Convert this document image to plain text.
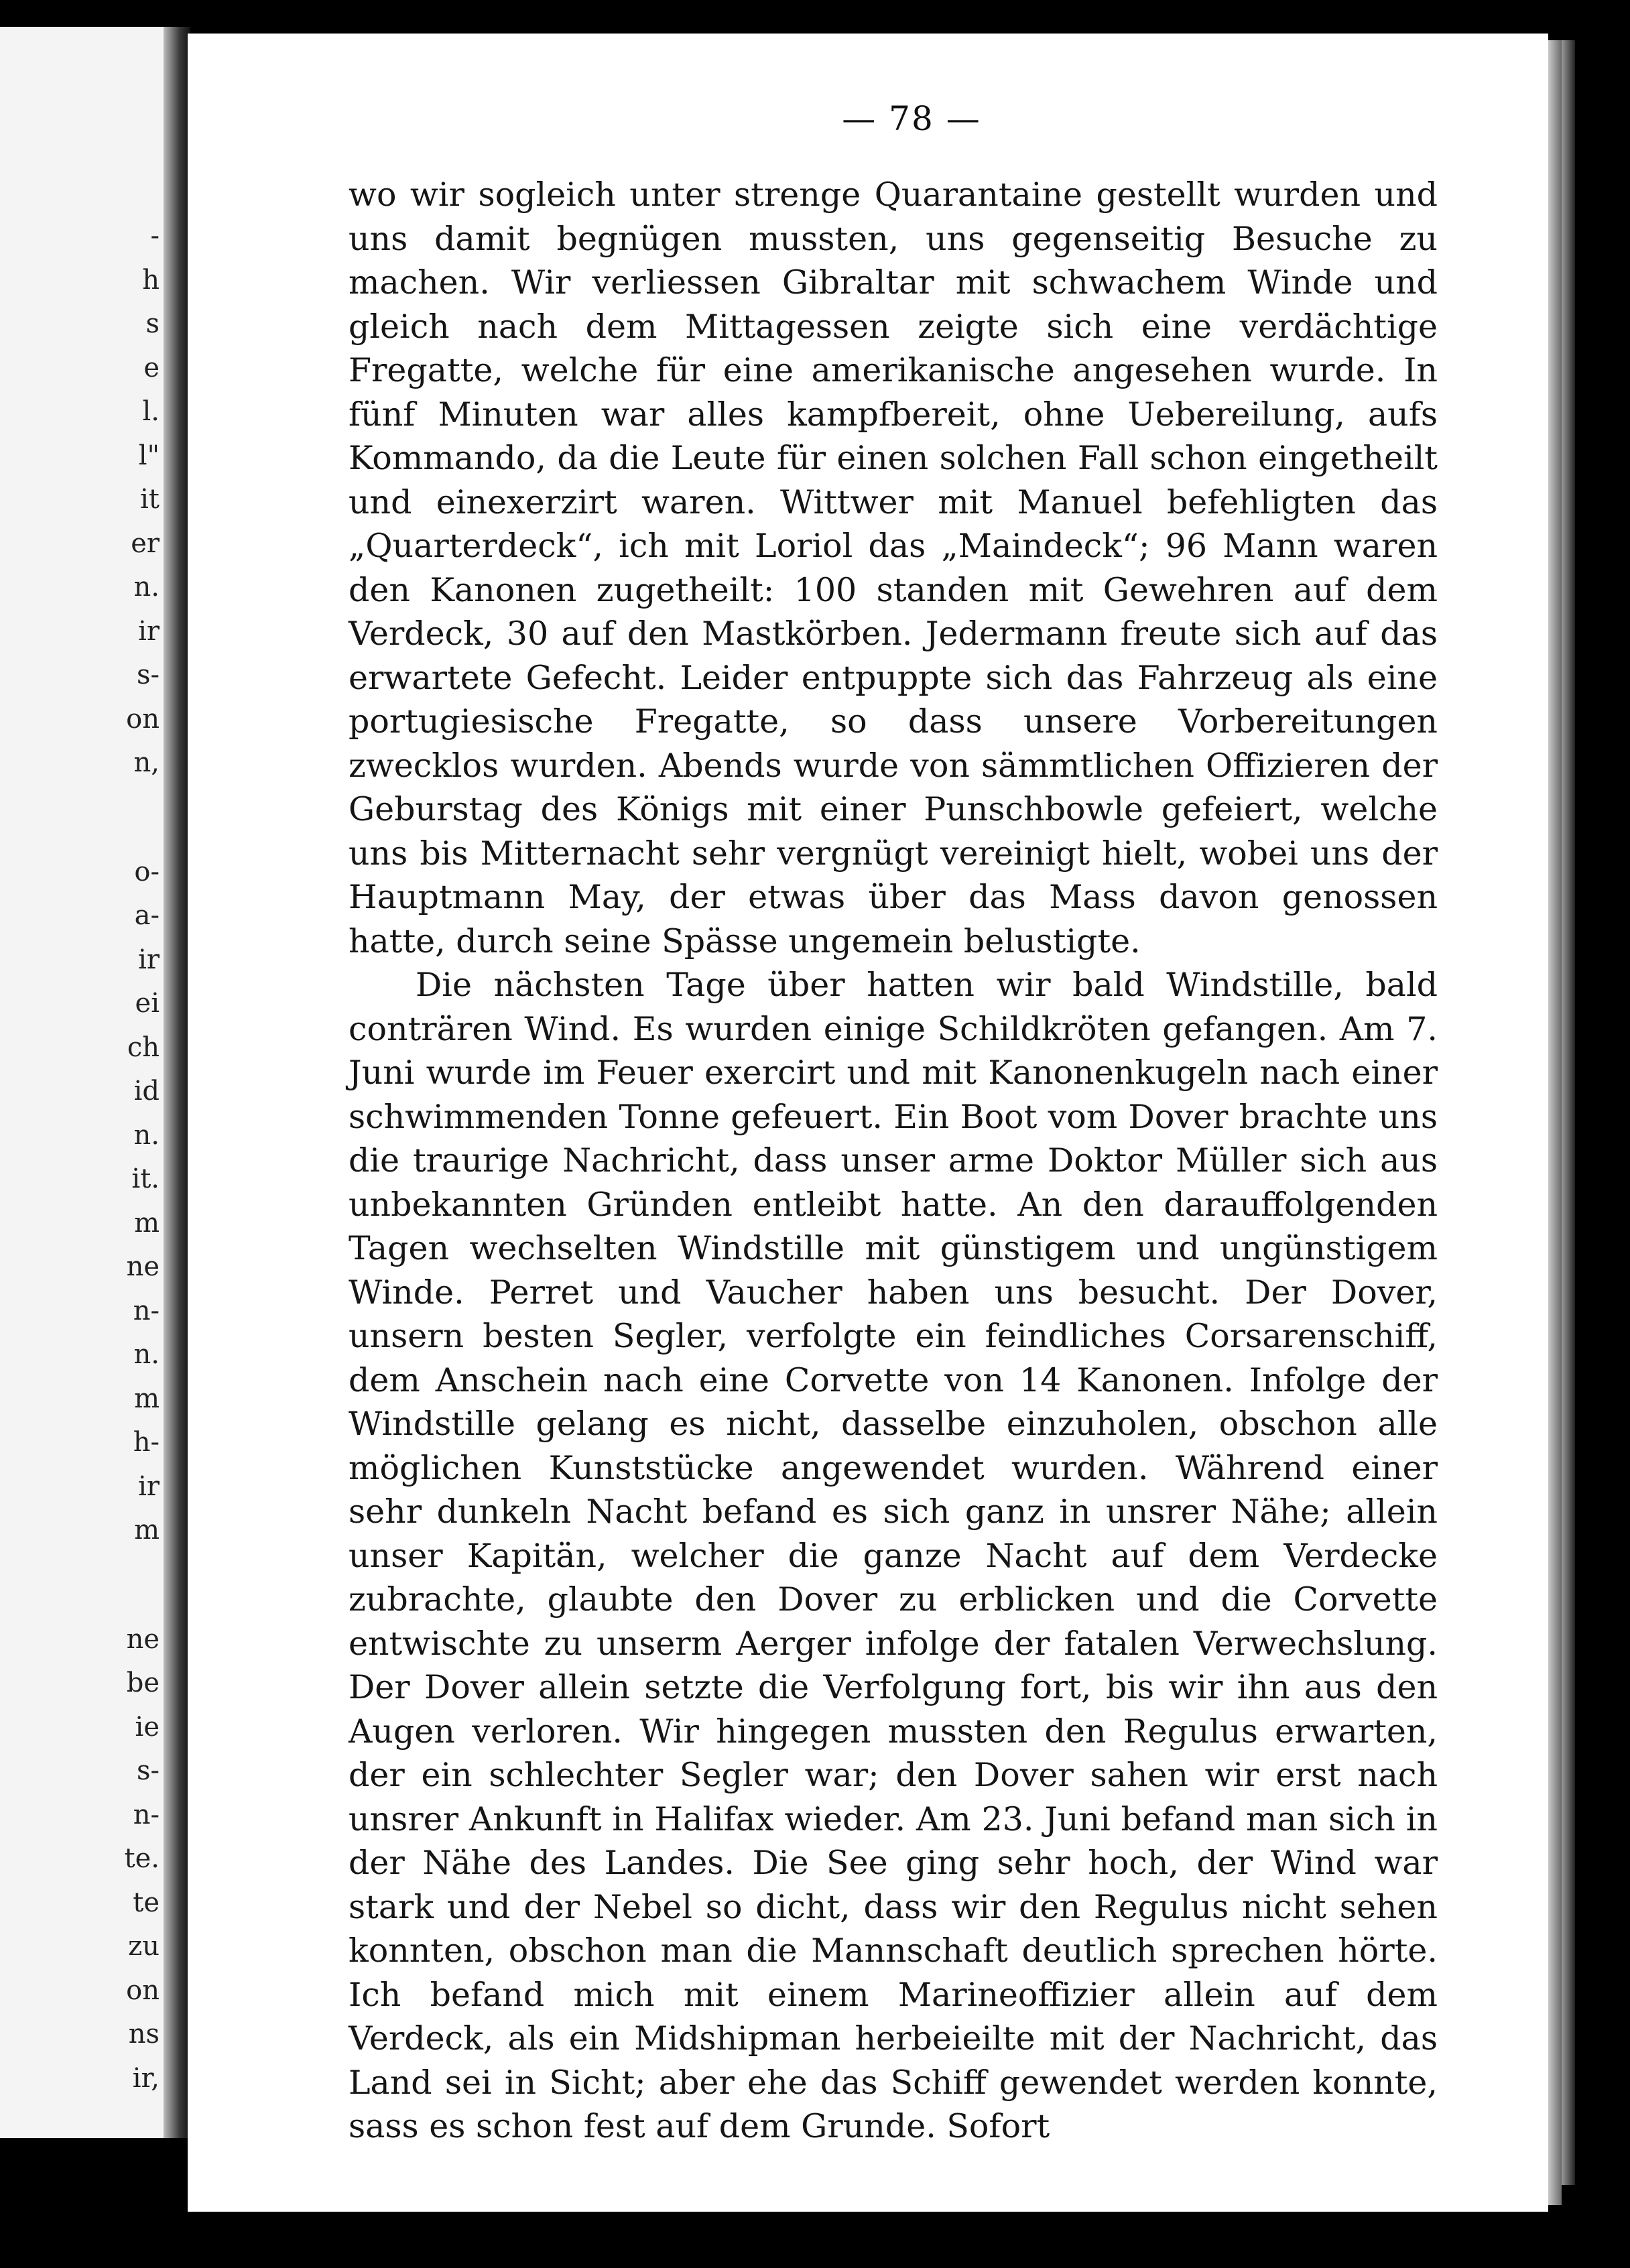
-
h
s
e
l.
l"
it
er
n.
ir
s-
on
n,
o-
a-
ir
ei
ch
id
n.
it.
m
ne
n-
n.
m
h-
ir
m
ne
be
ie
s-
n-
te.
te
zu
on
ns
ir,
— 78 —

wo wir sogleich unter strenge Quarantaine gestellt wurden und uns damit begnügen mussten, uns gegenseitig Besuche zu machen. Wir verliessen Gibraltar mit schwachem Winde und gleich nach dem Mittagessen zeigte sich eine verdächtige Fregatte, welche für eine amerikanische angesehen wurde. In fünf Minuten war alles kampfbereit, ohne Uebereilung, aufs Kommando, da die Leute für einen solchen Fall schon eingetheilt und einexerzirt waren. Wittwer mit Manuel befehligten das „Quarterdeck“, ich mit Loriol das „Maindeck“; 96 Mann waren den Kanonen zugetheilt: 100 standen mit Gewehren auf dem Verdeck, 30 auf den Mastkörben. Jedermann freute sich auf das erwartete Gefecht. Leider entpuppte sich das Fahrzeug als eine portugiesische Fregatte, so dass unsere Vorbereitungen zwecklos wurden. Abends wurde von sämmtlichen Offizieren der Geburstag des Königs mit einer Punschbowle gefeiert, welche uns bis Mitternacht sehr vergnügt vereinigt hielt, wobei uns der Hauptmann May, der etwas über das Mass davon genossen hatte, durch seine Spässe ungemein belustigte.

Die nächsten Tage über hatten wir bald Windstille, bald conträren Wind. Es wurden einige Schildkröten gefangen. Am 7. Juni wurde im Feuer exercirt und mit Kanonenkugeln nach einer schwimmenden Tonne gefeuert. Ein Boot vom Dover brachte uns die traurige Nachricht, dass unser arme Doktor Müller sich aus unbekannten Gründen entleibt hatte. An den darauffolgenden Tagen wechselten Windstille mit günstigem und ungünstigem Winde. Perret und Vaucher haben uns besucht. Der Dover, unsern besten Segler, verfolgte ein feindliches Corsarenschiff, dem Anschein nach eine Corvette von 14 Kanonen. Infolge der Windstille gelang es nicht, dasselbe einzuholen, obschon alle möglichen Kunststücke angewendet wurden. Während einer sehr dunkeln Nacht befand es sich ganz in unsrer Nähe; allein unser Kapitän, welcher die ganze Nacht auf dem Verdecke zubrachte, glaubte den Dover zu erblicken und die Corvette entwischte zu unserm Aerger infolge der fatalen Verwechslung. Der Dover allein setzte die Verfolgung fort, bis wir ihn aus den Augen verloren. Wir hingegen mussten den Regulus erwarten, der ein schlechter Segler war; den Dover sahen wir erst nach unsrer Ankunft in Halifax wieder. Am 23. Juni befand man sich in der Nähe des Landes. Die See ging sehr hoch, der Wind war stark und der Nebel so dicht, dass wir den Regulus nicht sehen konnten, obschon man die Mannschaft deutlich sprechen hörte. Ich befand mich mit einem Marineoffizier allein auf dem Verdeck, als ein Midshipman herbeieilte mit der Nachricht, das Land sei in Sicht; aber ehe das Schiff gewendet werden konnte, sass es schon fest auf dem Grunde. Sofort
